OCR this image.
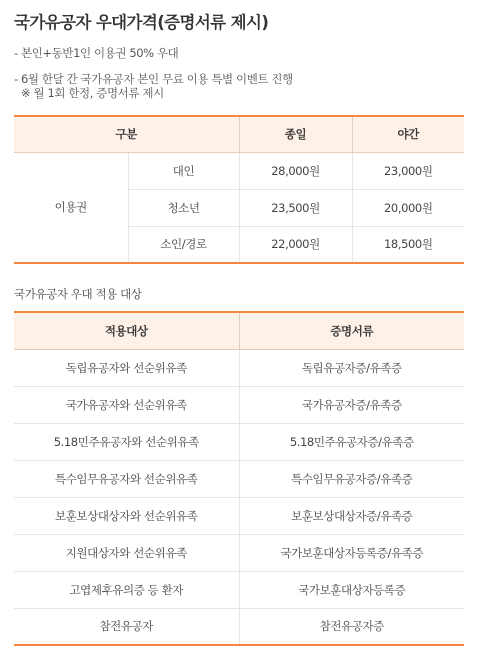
국가유공자 우대가격(증명서류 제시)
- 본인+동반1인 이용권 50% 우대
- 6월 한달 간 국가유공자 본인 무료 이용 특별 이벤트 진행
※ 월 1회 한정, 증명서류 제시
구분		종일	야간
이용권	대인	28,000원	23,000원
	청소년	23,500원	20,000원
	소인/경로	22,000원	18,500원
국가유공자 우대 적용 대상
적용대상	증명서류
독립유공자와 선순위유족	독립유공자증/유족증
국가유공자와 선순위유족	국가유공자증/유족증
5.18민주유공자와 선순위유족	5.18민주유공자증/유족증
특수임무유공자와 선순위유족	특수임무유공자증/유족증
보훈보상대상자와 선순위유족	보훈보상대상자증/유족증
지원대상자와 선순위유족	국가보훈대상자등록증/유족증
고엽제후유의증 등 환자	국가보훈대상자등록증
참전유공자	참전유공자증
